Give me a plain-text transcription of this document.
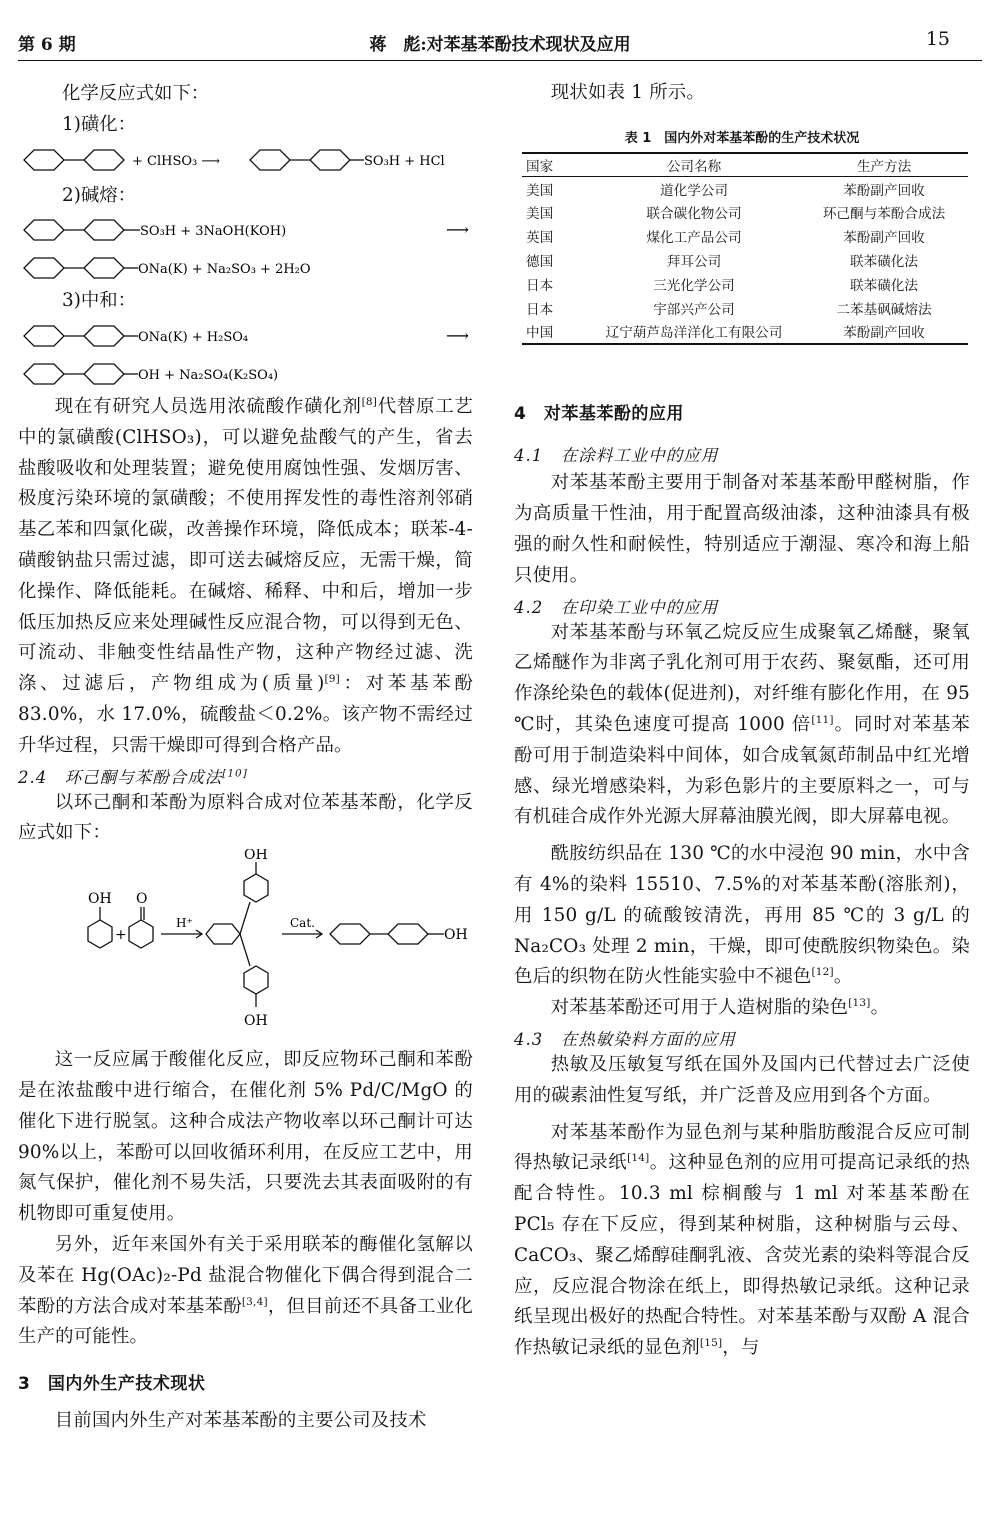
蒋　彪:对苯基苯酚技术现状及应用
第 6 期	15

化学反应式如下：

1)磺化：

+ ClHSO₃ ⟶	SO₃H + HCl

2)碱熔：

SO₃H + 3NaOH(KOH)	⟶
ONa(K) + Na₂SO₃ + 2H₂O

3)中和：

ONa(K) + H₂SO₄	⟶
OH + Na₂SO₄(K₂SO₄)

现在有研究人员选用浓硫酸作磺化剂[8]代替原工艺中的氯磺酸(ClHSO₃)，可以避免盐酸气的产生，省去盐酸吸收和处理装置；避免使用腐蚀性强、发烟厉害、极度污染环境的氯磺酸；不使用挥发性的毒性溶剂邻硝基乙苯和四氯化碳，改善操作环境，降低成本；联苯-4-磺酸钠盐只需过滤，即可送去碱熔反应，无需干燥，简化操作、降低能耗。在碱熔、稀释、中和后，增加一步低压加热反应来处理碱性反应混合物，可以得到无色、可流动、非触变性结晶性产物，这种产物经过滤、洗涤、过滤后，产物组成为(质量)[9]：对苯基苯酚 83.0%，水 17.0%，硫酸盐＜0.2%。该产物不需经过升华过程，只需干燥即可得到合格产品。

2.4　环己酮与苯酚合成法[10]

以环己酮和苯酚为原料合成对位苯基苯酚，化学反应式如下：

OH O
+
H⁺
OH
OH
Cat.
OH

这一反应属于酸催化反应，即反应物环己酮和苯酚是在浓盐酸中进行缩合，在催化剂 5% Pd/C/MgO 的催化下进行脱氢。这种合成法产物收率以环己酮计可达 90%以上，苯酚可以回收循环利用，在反应工艺中，用氮气保护，催化剂不易失活，只要洗去其表面吸附的有机物即可重复使用。

另外，近年来国外有关于采用联苯的酶催化氢解以及苯在 Hg(OAc)₂-Pd 盐混合物催化下偶合得到混合二苯酚的方法合成对苯基苯酚[3,4]，但目前还不具备工业化生产的可能性。

3　国内外生产技术现状

目前国内外生产对苯基苯酚的主要公司及技术

现状如表 1 所示。

表 1　国内外对苯基苯酚的生产技术状况
国家	公司名称	生产方法
美国	道化学公司	苯酚副产回收
美国	联合碳化物公司	环己酮与苯酚合成法
英国	煤化工产品公司	苯酚副产回收
德国	拜耳公司	联苯磺化法
日本	三光化学公司	联苯磺化法
日本	宇部兴产公司	二苯基砜碱熔法
中国	辽宁葫芦岛洋洋化工有限公司	苯酚副产回收

4　对苯基苯酚的应用

4.1　在涂料工业中的应用

对苯基苯酚主要用于制备对苯基苯酚甲醛树脂，作为高质量干性油，用于配置高级油漆，这种油漆具有极强的耐久性和耐候性，特别适应于潮湿、寒冷和海上船只使用。

4.2　在印染工业中的应用

对苯基苯酚与环氧乙烷反应生成聚氧乙烯醚，聚氧乙烯醚作为非离子乳化剂可用于农药、聚氨酯，还可用作涤纶染色的载体(促进剂)，对纤维有膨化作用，在 95 ℃时，其染色速度可提高 1000 倍[11]。同时对苯基苯酚可用于制造染料中间体，如合成氧氮茚制品中红光增感、绿光增感染料，为彩色影片的主要原料之一，可与有机硅合成作外光源大屏幕油膜光阀，即大屏幕电视。

酰胺纺织品在 130 ℃的水中浸泡 90 min，水中含有 4%的染料 15510、7.5%的对苯基苯酚(溶胀剂)，用 150 g/L 的硫酸铵清洗，再用 85 ℃的 3 g/L 的 Na₂CO₃ 处理 2 min，干燥，即可使酰胺织物染色。染色后的织物在防火性能实验中不褪色[12]。

对苯基苯酚还可用于人造树脂的染色[13]。

4.3　在热敏染料方面的应用

热敏及压敏复写纸在国外及国内已代替过去广泛使用的碳素油性复写纸，并广泛普及应用到各个方面。

对苯基苯酚作为显色剂与某种脂肪酸混合反应可制得热敏记录纸[14]。这种显色剂的应用可提高记录纸的热配合特性。10.3 ml 棕榈酸与 1 ml 对苯基苯酚在 PCl₅ 存在下反应，得到某种树脂，这种树脂与云母、CaCO₃、聚乙烯醇硅酮乳液、含荧光素的染料等混合反应，反应混合物涂在纸上，即得热敏记录纸。这种记录纸呈现出极好的热配合特性。对苯基苯酚与双酚 A 混合作热敏记录纸的显色剂[15]，与
